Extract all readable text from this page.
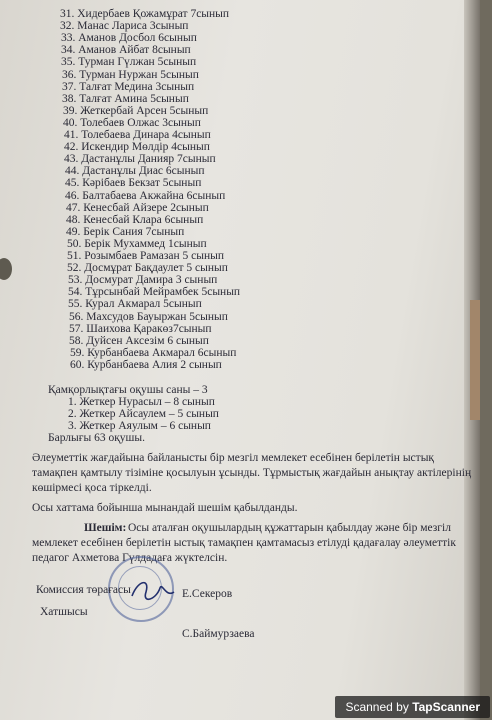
31. Хидербаев Қожамұрат 7сынып
32. Манас Лариса 3сынып
33. Аманов Досбол 6сынып
34. Аманов Айбат 8сынып
35. Турман Гүлжан 5сынып
36. Турман Нуржан 5сынып
37. Талғат Медина 3сынып
38. Талғат Амина 5сынып
39. Жеткербай Арсен 5сынып
40. Толебаев Олжас 3сынып
41. Толебаева Динара 4сынып
42. Искендир Мөлдір 4сынып
43. Дастанұлы Данияр 7сынып
44. Дастанұлы Диас 6сынып
45. Кәрібаев Бекзат 5сынып
46. Балтабаева Акжайна 6сынып
47. Кенесбай Айзере 2сынып
48. Кенесбай Клара 6сынып
49. Берік Сания 7сынып
50. Берік Мухаммед 1сынып
51. Розымбаев Рамазан 5 сынып
52. Досмұрат Бақдаулет 5 сынып
53. Досмурат Дамира 3 сынып
54. Тұрсынбай Мейрамбек 5сынып
55. Курал Акмарал 5сынып
56. Махсудов Бауыржан 5сынып
57. Шаихова Қаракөз7сынып
58. Дуйсен Аксезім 6 сынып
59. Курбанбаева Акмарал 6сынып
60. Курбанбаева Алия 2 сынып
Қамқорлықтағы оқушы саны – 3
1. Жеткер Нурасыл – 8 сынып
2. Жеткер Айсаулем – 5 сынып
3. Жеткер Аяулым – 6 сынып
Барлығы 63 оқушы.
Әлеуметтік жағдайына байланысты бір мезгіл мемлекет есебінен берілетін ыстық
тамақпен қамтылу тізіміне қосылуын ұсынды. Тұрмыстық жағдайын анықтау актілерінің
көшірмесі қоса тіркелді.
Осы хаттама бойынша мынандай шешім қабылданды.
Шешім: Осы аталған оқушылардың құжаттарын қабылдау және бір мезгіл
мемлекет есебінен берілетін ыстық тамақпен қамтамасыз етілуді қадағалау әлеуметтік
педагог Ахметова Гүлдадаға жүктелсін.
Комиссия төрағасы	Е.Секеров
Хатшысы
С.Баймурзаева
Scanned by TapScanner
